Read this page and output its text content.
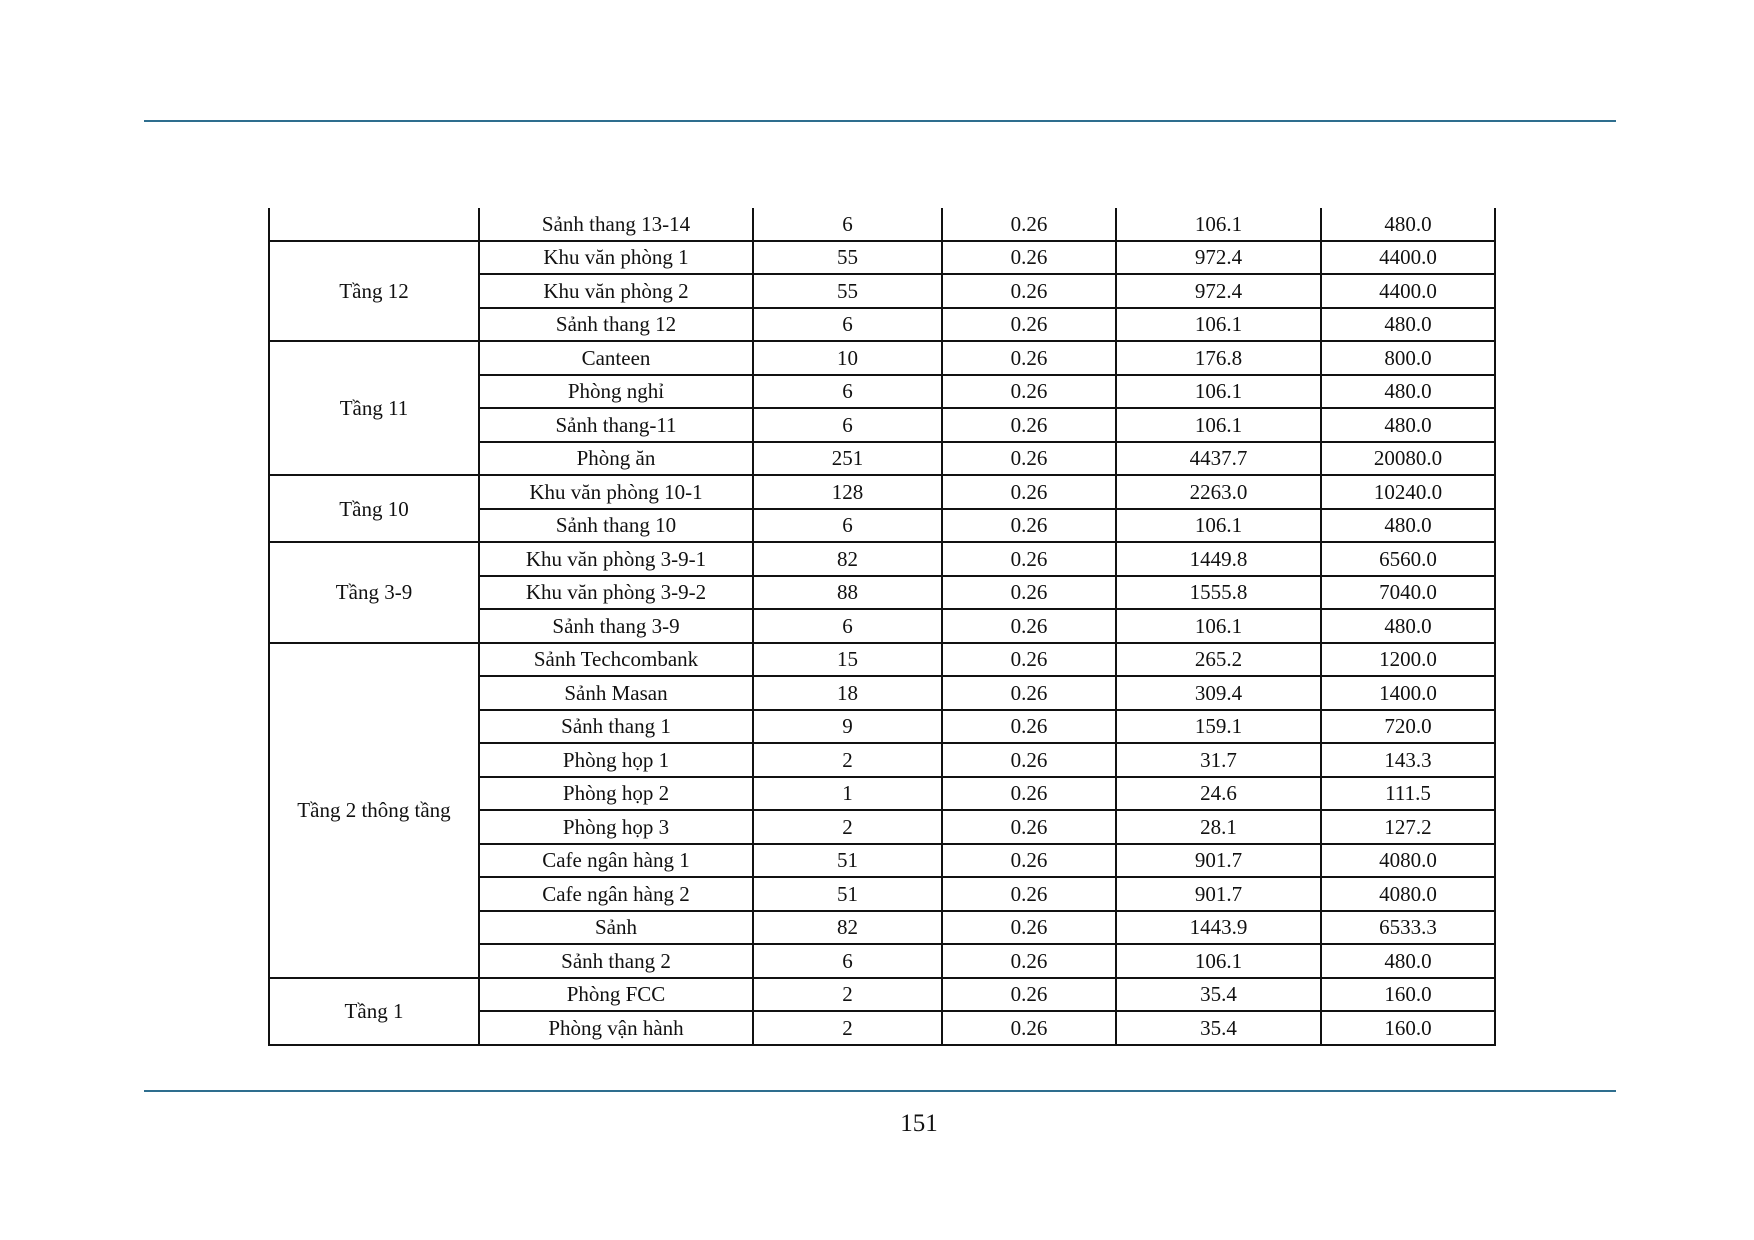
	Sảnh thang 13-14	6	0.26	106.1	480.0
Tầng 12	Khu văn phòng 1	55	0.26	972.4	4400.0
	Khu văn phòng 2	55	0.26	972.4	4400.0
	Sảnh thang 12	6	0.26	106.1	480.0
Tầng 11	Canteen	10	0.26	176.8	800.0
	Phòng nghỉ	6	0.26	106.1	480.0
	Sảnh thang-11	6	0.26	106.1	480.0
	Phòng ăn	251	0.26	4437.7	20080.0
Tầng 10	Khu văn phòng 10-1	128	0.26	2263.0	10240.0
	Sảnh thang 10	6	0.26	106.1	480.0
Tầng 3-9	Khu văn phòng 3-9-1	82	0.26	1449.8	6560.0
	Khu văn phòng 3-9-2	88	0.26	1555.8	7040.0
	Sảnh thang 3-9	6	0.26	106.1	480.0
Tầng 2 thông tầng	Sảnh Techcombank	15	0.26	265.2	1200.0
	Sảnh Masan	18	0.26	309.4	1400.0
	Sảnh thang 1	9	0.26	159.1	720.0
	Phòng họp 1	2	0.26	31.7	143.3
	Phòng họp 2	1	0.26	24.6	111.5
	Phòng họp 3	2	0.26	28.1	127.2
	Cafe ngân hàng 1	51	0.26	901.7	4080.0
	Cafe ngân hàng 2	51	0.26	901.7	4080.0
	Sảnh	82	0.26	1443.9	6533.3
	Sảnh thang 2	6	0.26	106.1	480.0
Tầng 1	Phòng FCC	2	0.26	35.4	160.0
	Phòng vận hành	2	0.26	35.4	160.0
151
